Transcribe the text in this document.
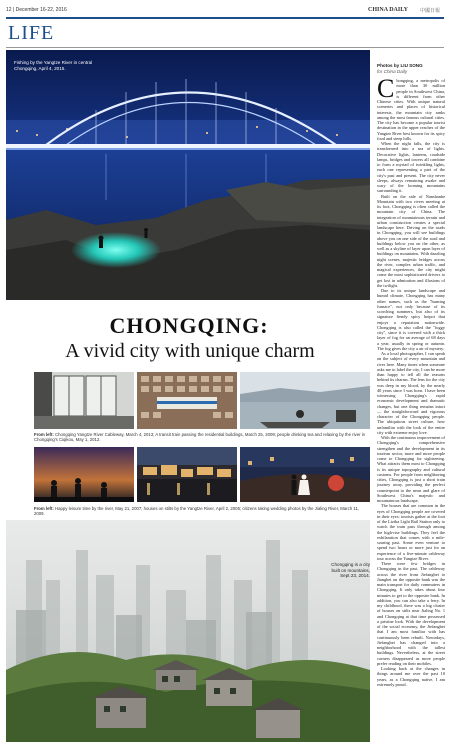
12 | December 16-22, 2016	CHINA DAILY 中國日報
LIFE
Fishing by the Yangtze River in central Chongqing, April 4, 2015.	Photos by LIU SONG
for China Daily

Chongqing, a metropolis of more than 30 million people in Southwest China, is different from other Chinese cities. With unique natural sceneries and places of historical interests, the mountain city ranks among the most famous cultural cities. The city has become a popular tourist destination in the upper reaches of the Yangtze River best known for its spicy food and steep hills.

When the night falls, the city is transformed into a sea of lights. Decorative lights, lanterns, roadside lamps, bridges and towers all combine to form a myriad of twinkling lights, each one representing a part of the city's past and present. The city never sleeps, always remaining awake and wary of the looming mountains surrounding it.

Built on the side of Nanshanhe Mountain with two rivers meeting at its foot, Chongqing is often called the mountain city of China. The integration of mountainous terrain and urban construction creates a special landscape here. Driving on the roads in Chongqing, you will see buildings above you on one side of the road and buildings below you on the other, as well as a skyline of layer upon layer of buildings on mountains. With dazzling night scenes, majestic bridges across the river, complex urban traffic, and magical experiences, the city might come the most sophisticated drivers to get lost in admiration and illusions of the twilight.

Due to its unique landscape and humid climate, Chongqing has many other names, such as the "burning furnace", not only because of its scorching summers, but also of its signature fiendy spicy hotpot that enjoys a reputation nationwide. Chongqing is also called the "foggy city", since it is covered with a thick layer of fog for an average of 68 days a year, usually in spring or autumn. The fog gives the city a air of mystery.

As a local photographer, I can speak on the subject of every mountain and river here. Many times when someone asks me to label the city, I can be more than happy to tell all the reasons behind its charms. The lens for the city was deep in my blood, by the nearly 40 years since I was born. I have been witnessing Chongqing's rapid economic development and dramatic changes, but one thing remains intact — the straightforward and vigorous character of the Chongqing people. The ubiquitous street culture, how unfamiliar with the look of the entire city with extreme enjoy love.

With the continuous improvement of Chongqing's comprehensive strengthen and the development in its tourism sector, more and more people come to Chongqing for sightseeing. What attracts them most to Chongqing is its unique topography and cultural customs. For people from neighboring cities, Chongqing is just a short train journey away, providing the perfect counterpoint to the neon and glare of Southwest China's majestic and mountainous landscape.

The houses that are common in the eyes of Chongqing people are covered in their eyes: tourists gather at the foot of the Liziba Light Rail Station only to watch the train pass through among the high-rise buildings. They feel the exhilaration that comes with a mile-soaring past. Some even venture to spend two hours or more just for an experience of a five-minute cableway tour across the Yangtze River.

There were few bridges in Chongqing in the past. The cableway across the river from Jiefangbei to Jiangbei on the opposite bank was the main transport for daily commuters in Chongqing. It only takes about four minutes to get to the opposite bank. In addition, you can also take a ferry. In my childhood, there was a big cluster of houses on stilts near Jialing No. 1 and Chongqing at that time possessed a pristine look. With the development of the social economy, the Jiefangbei that I am most familiar with has continuously been rebuilt. Nowadays, Jiefangbei has changed into a neighborhood with the tallest buildings. Nevertheless, at the street corners disappeared as more people prefer reading on their mobiles.

Looking back at the changes in things around me over the past 10 years, as a Chongqing native, I am extremely proud.

CHONGQING:
A vivid city with unique charm
From left: Chongqing Yangtze River Cableway, March 4, 2013; A transit train passing the residential buildings, March 25, 2009; people drinking tea and relaxing by the river in Chongqing's Ciqikou, May 1, 2012.
From left: Happy leisure time by the river, May 21, 2007; houses on stilts by the Yangtze River, April 2, 2005; citizens taking wedding photos by the Jialing River, March 11, 2009.
Chongqing is a city built on mountains, Sept 23, 2014.
